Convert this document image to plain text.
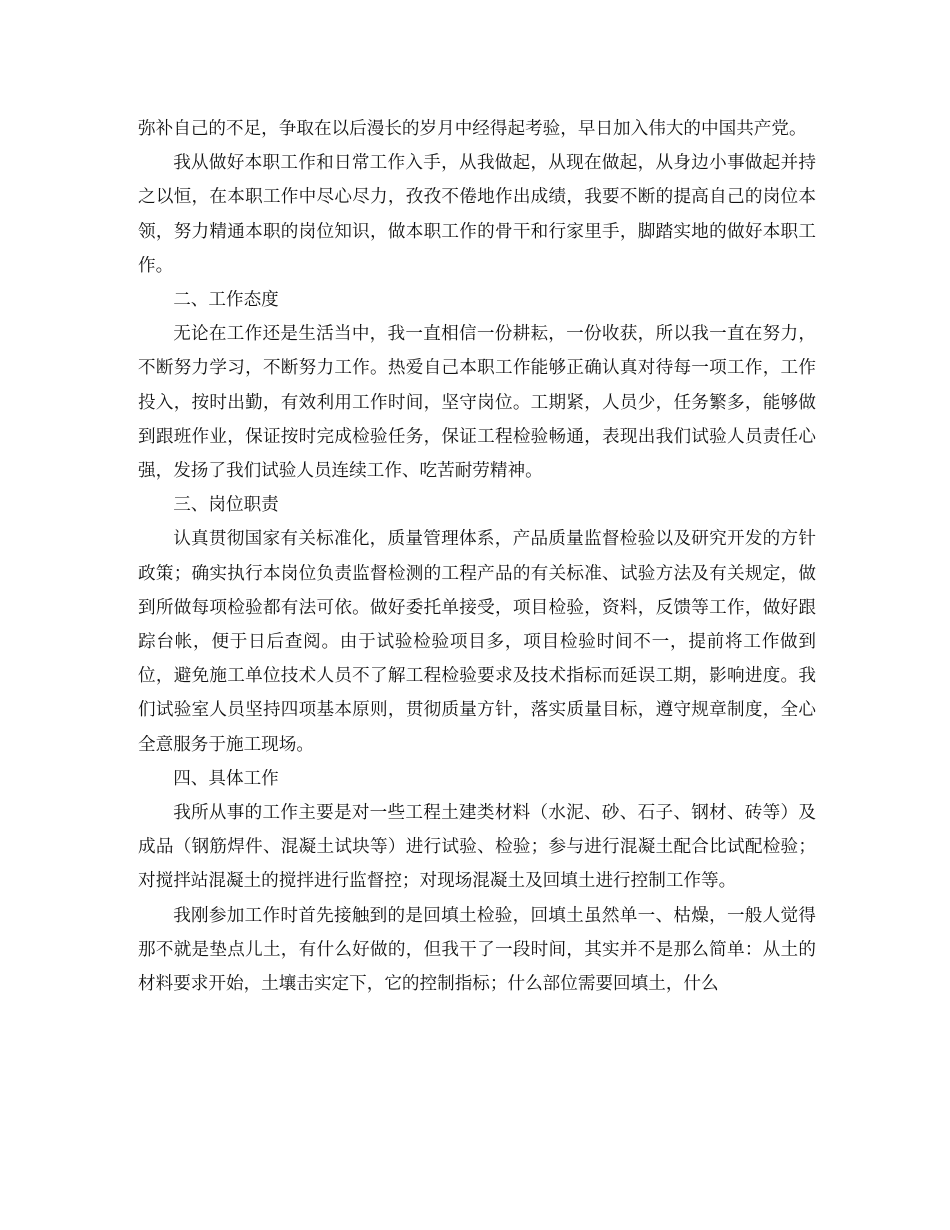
弥补自己的不足，争取在以后漫长的岁月中经得起考验，早日加入伟大的中国共产党。

我从做好本职工作和日常工作入手，从我做起，从现在做起，从身边小事做起并持之以恒，在本职工作中尽心尽力，孜孜不倦地作出成绩，我要不断的提高自己的岗位本领，努力精通本职的岗位知识，做本职工作的骨干和行家里手，脚踏实地的做好本职工作。

二、工作态度

无论在工作还是生活当中，我一直相信一份耕耘，一份收获，所以我一直在努力，不断努力学习，不断努力工作。热爱自己本职工作能够正确认真对待每一项工作，工作投入，按时出勤，有效利用工作时间，坚守岗位。工期紧，人员少，任务繁多，能够做到跟班作业，保证按时完成检验任务，保证工程检验畅通，表现出我们试验人员责任心强，发扬了我们试验人员连续工作、吃苦耐劳精神。

三、岗位职责

认真贯彻国家有关标准化，质量管理体系，产品质量监督检验以及研究开发的方针政策；确实执行本岗位负责监督检测的工程产品的有关标准、试验方法及有关规定，做到所做每项检验都有法可依。做好委托单接受，项目检验，资料，反馈等工作，做好跟踪台帐，便于日后查阅。由于试验检验项目多，项目检验时间不一，提前将工作做到位，避免施工单位技术人员不了解工程检验要求及技术指标而延误工期，影响进度。我们试验室人员坚持四项基本原则，贯彻质量方针，落实质量目标，遵守规章制度，全心全意服务于施工现场。

四、具体工作

我所从事的工作主要是对一些工程土建类材料（水泥、砂、石子、钢材、砖等）及成品（钢筋焊件、混凝土试块等）进行试验、检验；参与进行混凝土配合比试配检验；对搅拌站混凝土的搅拌进行监督控；对现场混凝土及回填土进行控制工作等。

我刚参加工作时首先接触到的是回填土检验，回填土虽然单一、枯燥，一般人觉得那不就是垫点儿土，有什么好做的，但我干了一段时间，其实并不是那么简单：从土的材料要求开始，土壤击实定下，它的控制指标；什么部位需要回填土，什么
